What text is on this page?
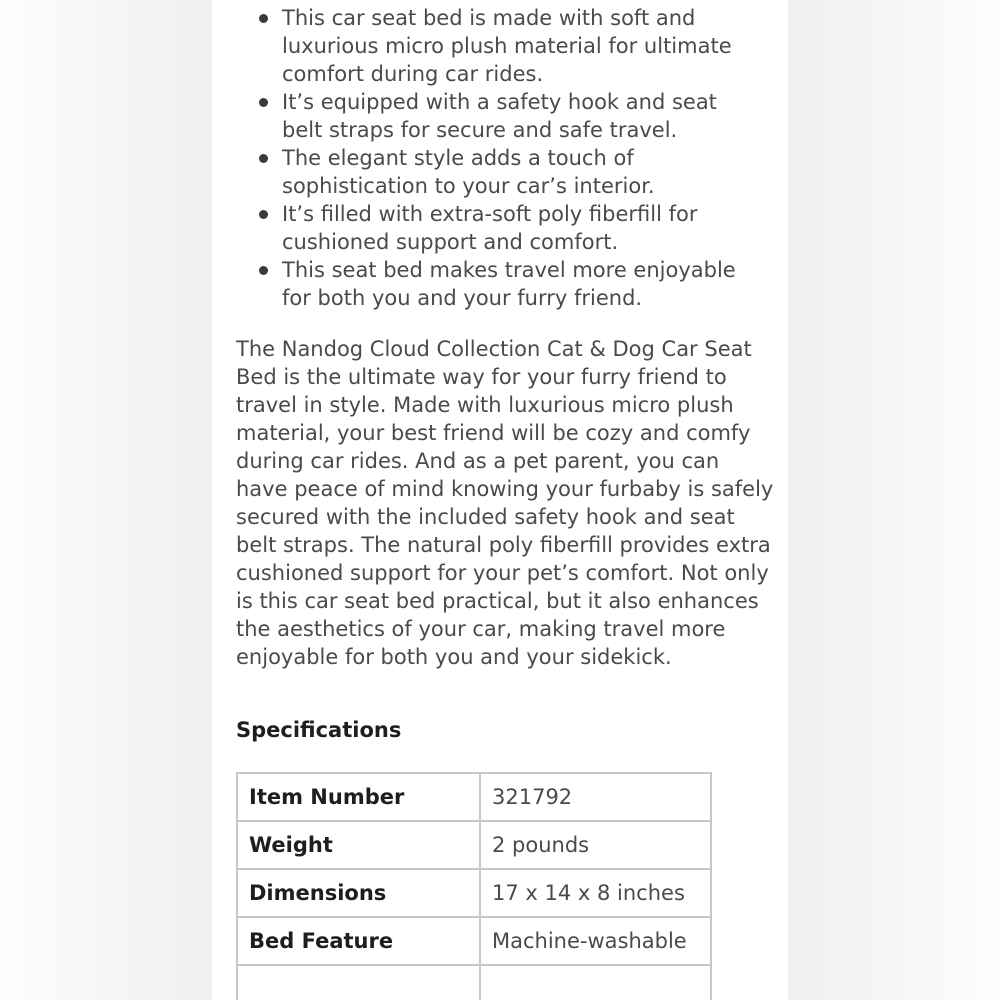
This car seat bed is made with soft and luxurious micro plush material for ultimate comfort during car rides.
It’s equipped with a safety hook and seat belt straps for secure and safe travel.
The elegant style adds a touch of sophistication to your car’s interior.
It’s filled with extra-soft poly fiberfill for cushioned support and comfort.
This seat bed makes travel more enjoyable for both you and your furry friend.

The Nandog Cloud Collection Cat & Dog Car Seat Bed is the ultimate way for your furry friend to travel in style. Made with luxurious micro plush material, your best friend will be cozy and comfy during car rides. And as a pet parent, you can have peace of mind knowing your furbaby is safely secured with the included safety hook and seat belt straps. The natural poly fiberfill provides extra cushioned support for your pet’s comfort. Not only is this car seat bed practical, but it also enhances the aesthetics of your car, making travel more enjoyable for both you and your sidekick.

Specifications
Item Number	321792
Weight	2 pounds
Dimensions	17 x 14 x 8 inches
Bed Feature	Machine-washable
